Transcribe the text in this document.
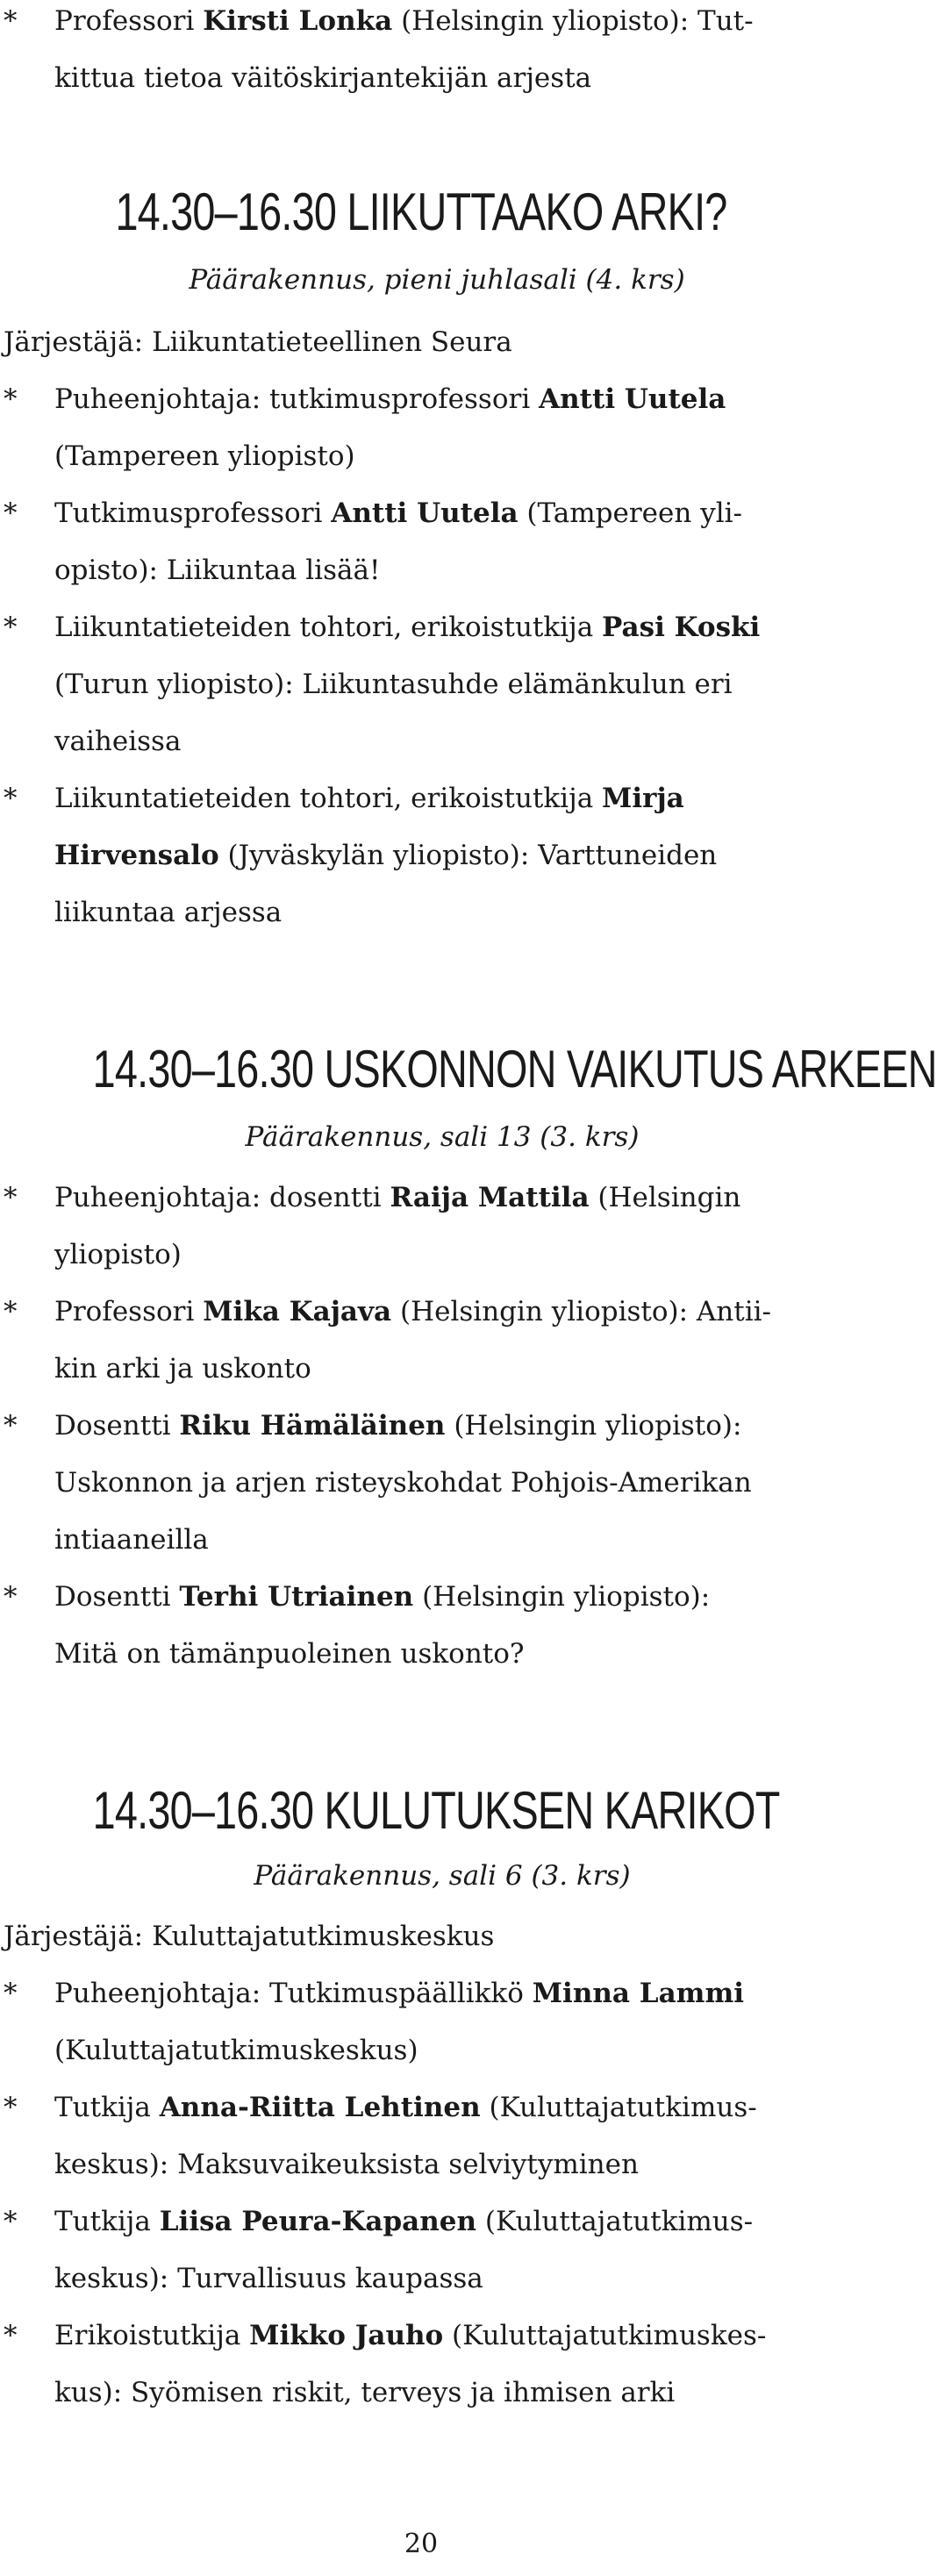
* Professori Kirsti Lonka (Helsingin yliopisto): Tut-
kittua tietoa väitöskirjantekijän arjesta

14.30–16.30 LIIKUTTAAKO ARKI?

Päärakennus, pieni juhlasali (4. krs)

Järjestäjä: Liikuntatieteellinen Seura

* Puheenjohtaja: tutkimusprofessori Antti Uutela
(Tampereen yliopisto)

* Tutkimusprofessori Antti Uutela (Tampereen yli-
opisto): Liikuntaa lisää!

* Liikuntatieteiden tohtori, erikoistutkija Pasi Koski
(Turun yliopisto): Liikuntasuhde elämänkulun eri
vaiheissa

* Liikuntatieteiden tohtori, erikoistutkija Mirja
Hirvensalo (Jyväskylän yliopisto): Varttuneiden
liikuntaa arjessa

14.30–16.30 USKONNON VAIKUTUS ARKEEN

Päärakennus, sali 13 (3. krs)

* Puheenjohtaja: dosentti Raija Mattila (Helsingin
yliopisto)

* Professori Mika Kajava (Helsingin yliopisto): Antii-
kin arki ja uskonto

* Dosentti Riku Hämäläinen (Helsingin yliopisto):
Uskonnon ja arjen risteyskohdat Pohjois-Amerikan
intiaaneilla

* Dosentti Terhi Utriainen (Helsingin yliopisto):
Mitä on tämänpuoleinen uskonto?

14.30–16.30 KULUTUKSEN KARIKOT

Päärakennus, sali 6 (3. krs)

Järjestäjä: Kuluttajatutkimuskeskus

* Puheenjohtaja: Tutkimuspäällikkö Minna Lammi
(Kuluttajatutkimuskeskus)

* Tutkija Anna-Riitta Lehtinen (Kuluttajatutkimus-
keskus): Maksuvaikeuksista selviytyminen

* Tutkija Liisa Peura-Kapanen (Kuluttajatutkimus-
keskus): Turvallisuus kaupassa

* Erikoistutkija Mikko Jauho (Kuluttajatutkimuskes-
kus): Syömisen riskit, terveys ja ihmisen arki

20
